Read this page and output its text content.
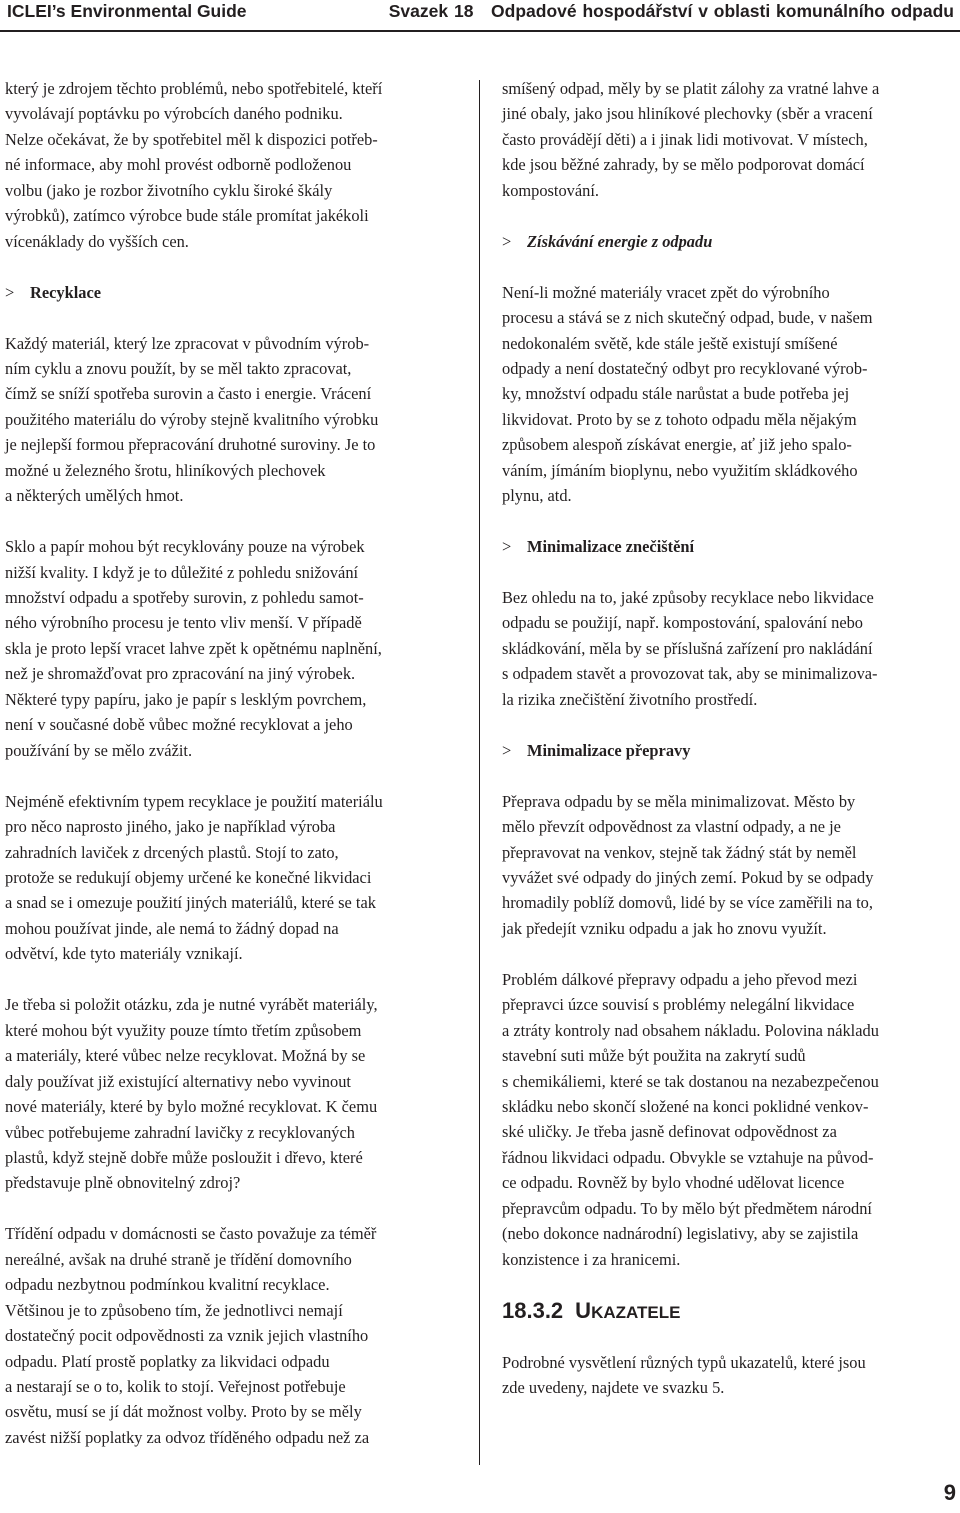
ICLEI’s Environmental Guide	Svazek 18 Odpadové hospodářství v oblasti komunálního odpadu
který je zdrojem těchto problémů, nebo spotřebitelé, kteří
vyvolávají poptávku po výrobcích daného podniku.
Nelze očekávat, že by spotřebitel měl k dispozici potřeb-
né informace, aby mohl provést odborně podloženou
volbu (jako je rozbor životního cyklu široké škály
výrobků), zatímco výrobce bude stále promítat jakékoli
vícenáklady do vyšších cen.
> Recyklace
Každý materiál, který lze zpracovat v původním výrob-
ním cyklu a znovu použít, by se měl takto zpracovat,
čímž se sníží spotřeba surovin a často i energie. Vrácení
použitého materiálu do výroby stejně kvalitního výrobku
je nejlepší formou přepracování druhotné suroviny. Je to
možné u železného šrotu, hliníkových plechovek
a některých umělých hmot.
Sklo a papír mohou být recyklovány pouze na výrobek
nižší kvality. I když je to důležité z pohledu snižování
množství odpadu a spotřeby surovin, z pohledu samot-
ného výrobního procesu je tento vliv menší. V případě
skla je proto lepší vracet lahve zpět k opětnému naplnění,
než je shromažďovat pro zpracování na jiný výrobek.
Některé typy papíru, jako je papír s lesklým povrchem,
není v současné době vůbec možné recyklovat a jeho
používání by se mělo zvážit.
Nejméně efektivním typem recyklace je použití materiálu
pro něco naprosto jiného, jako je například výroba
zahradních laviček z drcených plastů. Stojí to zato,
protože se redukují objemy určené ke konečné likvidaci
a snad se i omezuje použití jiných materiálů, které se tak
mohou používat jinde, ale nemá to žádný dopad na
odvětví, kde tyto materiály vznikají.
Je třeba si položit otázku, zda je nutné vyrábět materiály,
které mohou být využity pouze tímto třetím způsobem
a materiály, které vůbec nelze recyklovat. Možná by se
daly používat již existující alternativy nebo vyvinout
nové materiály, které by bylo možné recyklovat. K čemu
vůbec potřebujeme zahradní lavičky z recyklovaných
plastů, když stejně dobře může posloužit i dřevo, které
představuje plně obnovitelný zdroj?
Třídění odpadu v domácnosti se často považuje za téměř
nereálné, avšak na druhé straně je třídění domovního
odpadu nezbytnou podmínkou kvalitní recyklace.
Většinou je to způsobeno tím, že jednotlivci nemají
dostatečný pocit odpovědnosti za vznik jejich vlastního
odpadu. Platí prostě poplatky za likvidaci odpadu
a nestarají se o to, kolik to stojí. Veřejnost potřebuje
osvětu, musí se jí dát možnost volby. Proto by se měly
zavést nižší poplatky za odvoz tříděného odpadu než za
smíšený odpad, měly by se platit zálohy za vratné lahve a
jiné obaly, jako jsou hliníkové plechovky (sběr a vracení
často provádějí děti) a i jinak lidi motivovat. V místech,
kde jsou běžné zahrady, by se mělo podporovat domácí
kompostování.
> Získávání energie z odpadu
Není-li možné materiály vracet zpět do výrobního
procesu a stává se z nich skutečný odpad, bude, v našem
nedokonalém světě, kde stále ještě existují smíšené
odpady a není dostatečný odbyt pro recyklované výrob-
ky, množství odpadu stále narůstat a bude potřeba jej
likvidovat. Proto by se z tohoto odpadu měla nějakým
způsobem alespoň získávat energie, ať již jeho spalo-
váním, jímáním bioplynu, nebo využitím skládkového
plynu, atd.
> Minimalizace znečištění
Bez ohledu na to, jaké způsoby recyklace nebo likvidace
odpadu se použijí, např. kompostování, spalování nebo
skládkování, měla by se příslušná zařízení pro nakládání
s odpadem stavět a provozovat tak, aby se minimalizova-
la rizika znečištění životního prostředí.
> Minimalizace přepravy
Přeprava odpadu by se měla minimalizovat. Město by
mělo převzít odpovědnost za vlastní odpady, a ne je
přepravovat na venkov, stejně tak žádný stát by neměl
vyvážet své odpady do jiných zemí. Pokud by se odpady
hromadily poblíž domovů, lidé by se více zaměřili na to,
jak předejít vzniku odpadu a jak ho znovu využít.
Problém dálkové přepravy odpadu a jeho převod mezi
přepravci úzce souvisí s problémy nelegální likvidace
a ztráty kontroly nad obsahem nákladu. Polovina nákladu
stavební suti může být použita na zakrytí sudů
s chemikáliemi, které se tak dostanou na nezabezpečenou
skládku nebo skončí složené na konci poklidné venkov-
ské uličky. Je třeba jasně definovat odpovědnost za
řádnou likvidaci odpadu. Obvykle se vztahuje na původ-
ce odpadu. Rovněž by bylo vhodné udělovat licence
přepravcům odpadu. To by mělo být předmětem národní
(nebo dokonce nadnárodní) legislativy, aby se zajistila
konzistence i za hranicemi.
18.3.2 UKAZATELE
Podrobné vysvětlení různých typů ukazatelů, které jsou
zde uvedeny, najdete ve svazku 5.
9
